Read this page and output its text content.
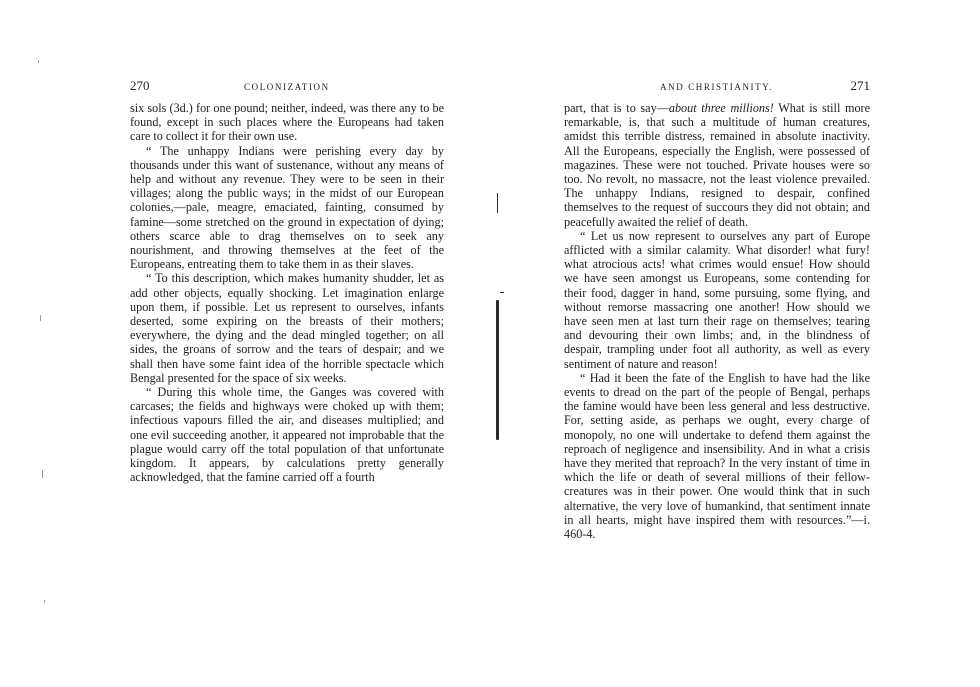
270	COLONIZATION

six sols (3d.) for one pound; neither, indeed, was there any to be found, except in such places where the Europeans had taken care to collect it for their own use.

“ The unhappy Indians were perishing every day by thousands under this want of sustenance, without any means of help and without any revenue. They were to be seen in their villages; along the public ways; in the midst of our European colonies,—pale, meagre, emaciated, fainting, consumed by famine—some stretched on the ground in expectation of dying; others scarce able to drag themselves on to seek any nourishment, and throwing themselves at the feet of the Europeans, entreating them to take them in as their slaves.

“ To this description, which makes humanity shudder, let as add other objects, equally shocking. Let imagination enlarge upon them, if possible. Let us represent to ourselves, infants deserted, some expiring on the breasts of their mothers; everywhere, the dying and the dead mingled together; on all sides, the groans of sorrow and the tears of despair; and we shall then have some faint idea of the horrible spectacle which Bengal presented for the space of six weeks.

“ During this whole time, the Ganges was covered with carcases; the fields and highways were choked up with them; infectious vapours filled the air, and diseases multiplied; and one evil succeeding another, it appeared not improbable that the plague would carry off the total population of that unfortunate kingdom. It appears, by calculations pretty generally acknowledged, that the famine carried off a fourth

AND CHRISTIANITY.	271

part, that is to say—about three millions! What is still more remarkable, is, that such a multitude of human creatures, amidst this terrible distress, remained in absolute inactivity. All the Europeans, especially the English, were possessed of magazines. These were not touched. Private houses were so too. No revolt, no massacre, not the least violence prevailed. The unhappy Indians, resigned to despair, confined themselves to the request of succours they did not obtain; and peacefully awaited the relief of death.

“ Let us now represent to ourselves any part of Europe afflicted with a similar calamity. What disorder! what fury! what atrocious acts! what crimes would ensue! How should we have seen amongst us Europeans, some contending for their food, dagger in hand, some pursuing, some flying, and without remorse massacring one another! How should we have seen men at last turn their rage on themselves; tearing and devouring their own limbs; and, in the blindness of despair, trampling under foot all authority, as well as every sentiment of nature and reason!

“ Had it been the fate of the English to have had the like events to dread on the part of the people of Bengal, perhaps the famine would have been less general and less destructive. For, setting aside, as perhaps we ought, every charge of monopoly, no one will undertake to defend them against the reproach of negligence and insensibility. And in what a crisis have they merited that reproach? In the very instant of time in which the life or death of several millions of their fellow-creatures was in their power. One would think that in such alternative, the very love of humankind, that sentiment innate in all hearts, might have inspired them with resources.”—i. 460-4.
